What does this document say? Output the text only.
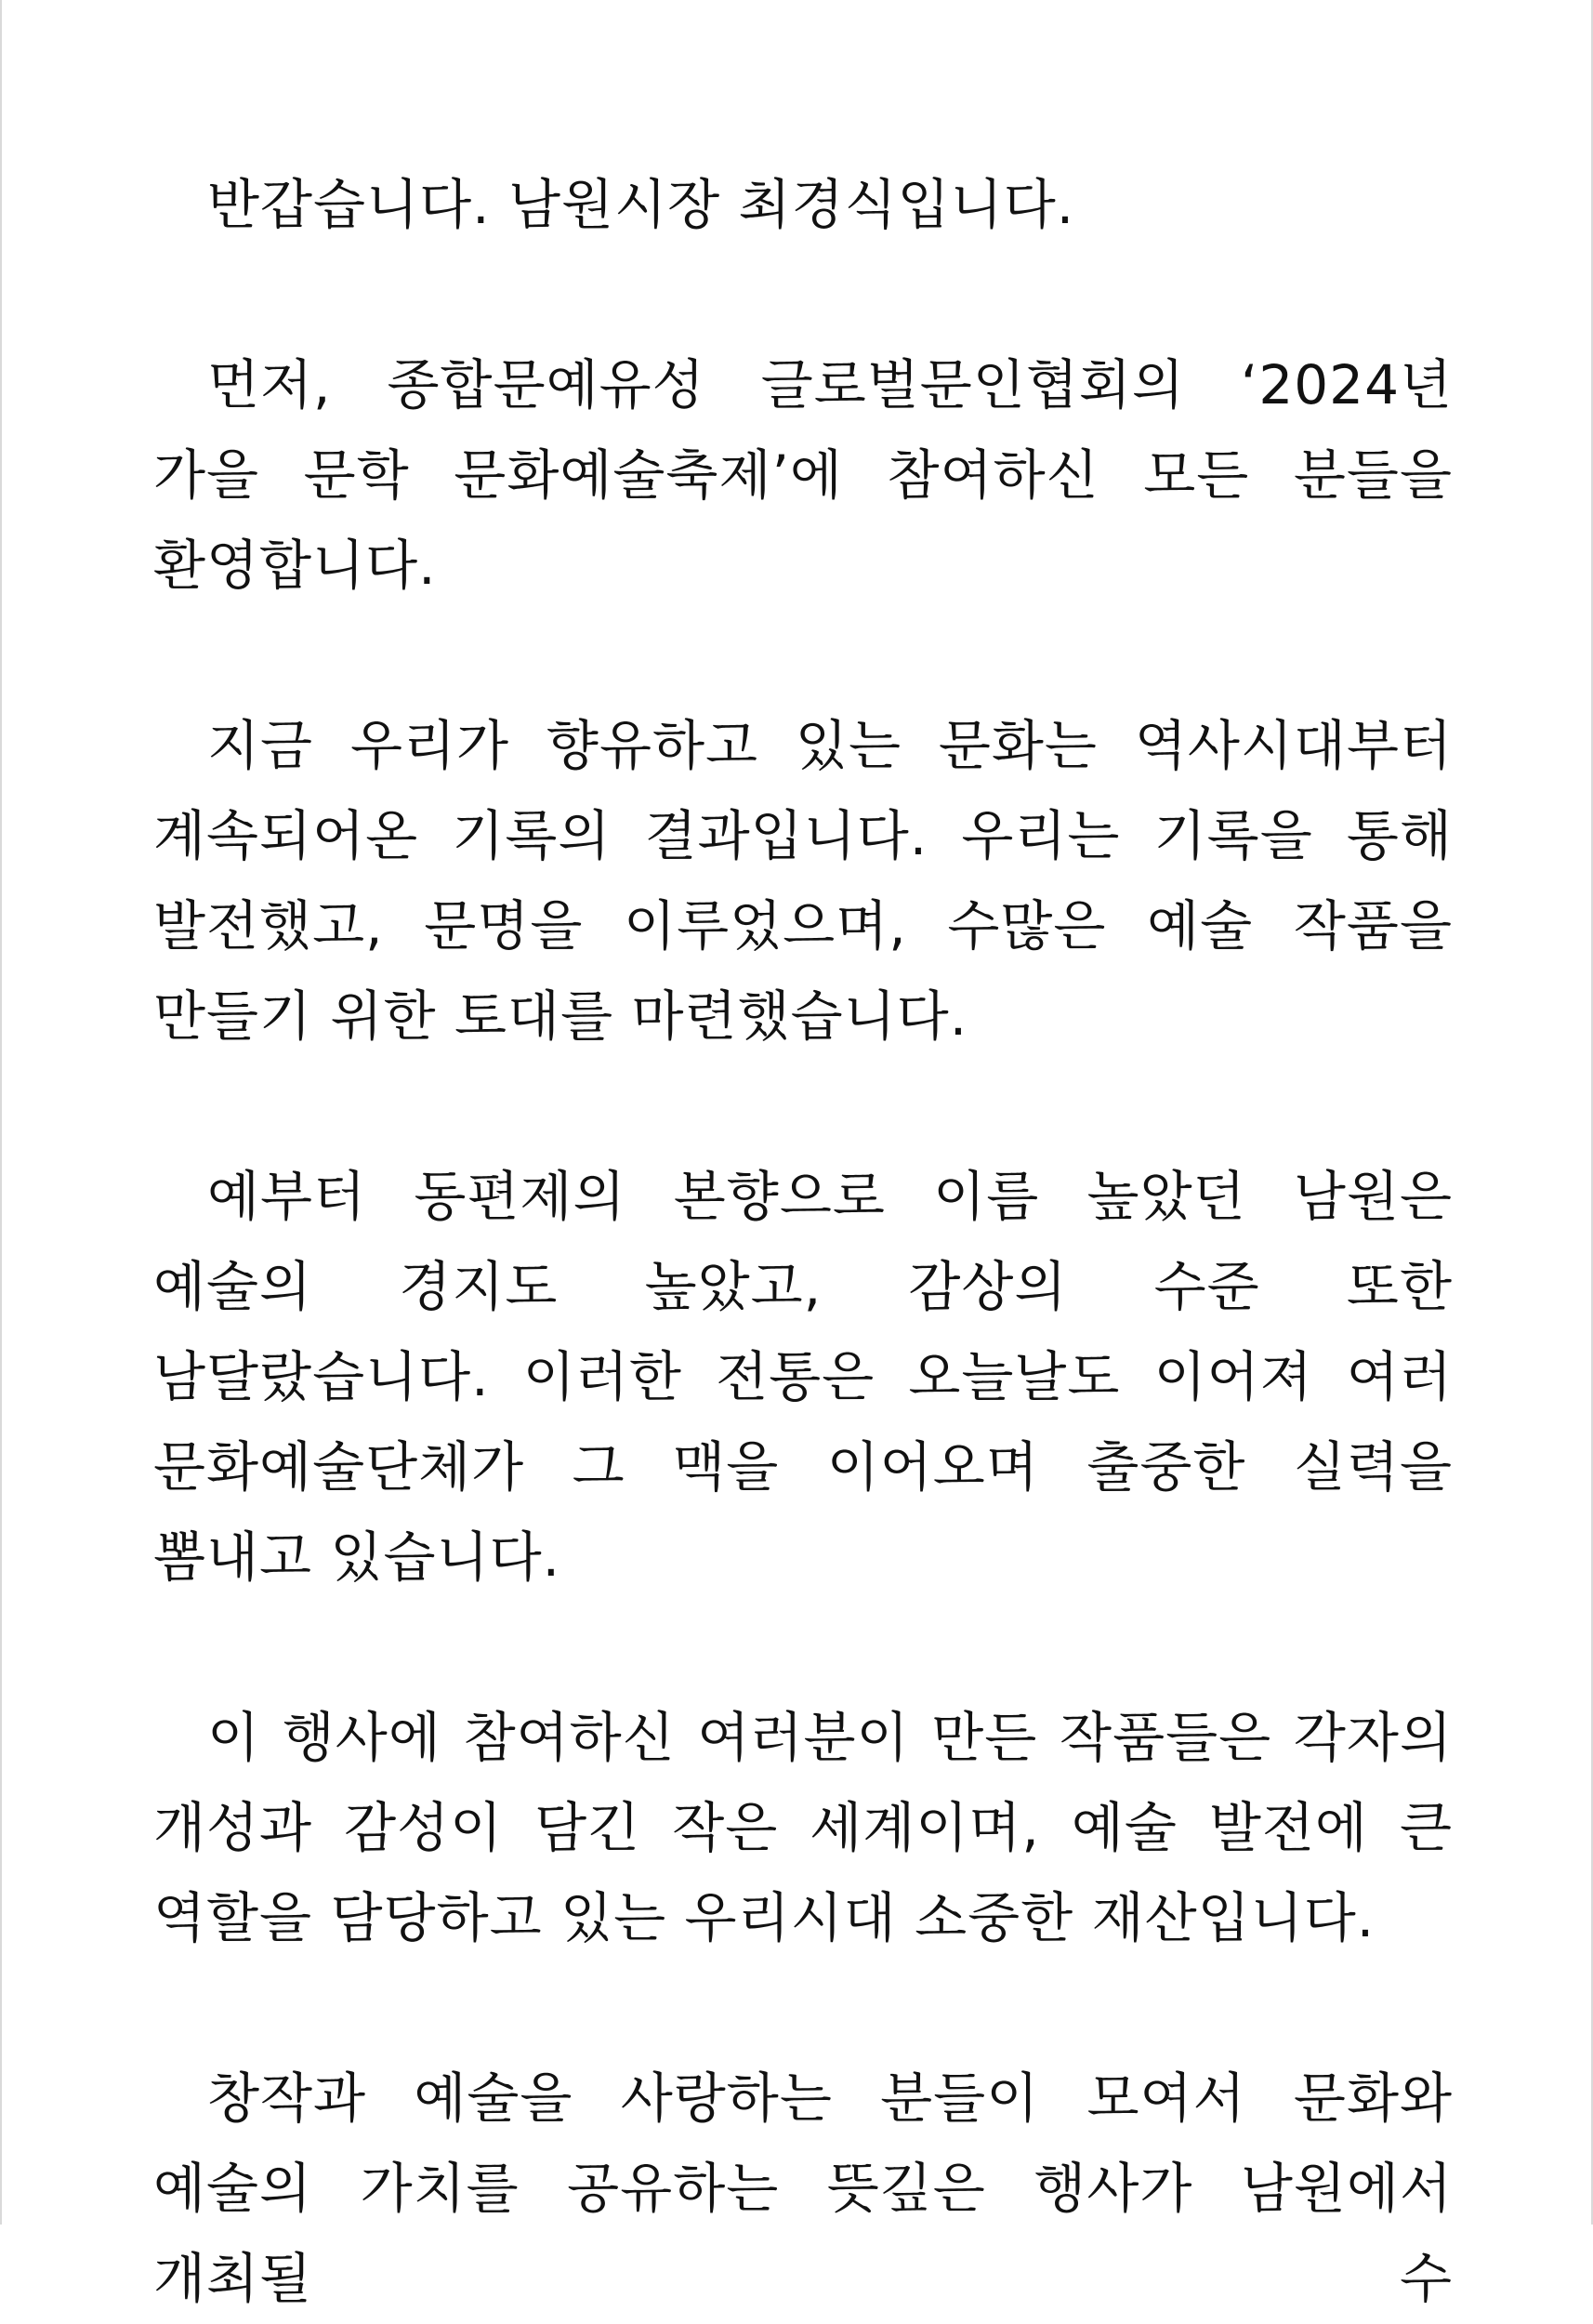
반갑습니다. 남원시장 최경식입니다.

먼저, 종합문예유성 글로벌문인협회의 ‘2024년 가을 문학 문화예술축제’에 참여하신 모든 분들을 환영합니다.

지금 우리가 향유하고 있는 문화는 역사시대부터 계속되어온 기록의 결과입니다. 우리는 기록을 통해 발전했고, 문명을 이루었으며, 수많은 예술 작품을 만들기 위한 토대를 마련했습니다.

예부터 동편제의 본향으로 이름 높았던 남원은 예술의 경지도 높았고, 감상의 수준 또한 남달랐습니다. 이러한 전통은 오늘날도 이어져 여러 문화예술단체가 그 맥을 이어오며 출중한 실력을 뽐내고 있습니다.

이 행사에 참여하신 여러분이 만든 작품들은 각자의 개성과 감성이 담긴 작은 세계이며, 예술 발전에 큰 역할을 담당하고 있는 우리시대 소중한 재산입니다.

창작과 예술을 사랑하는 분들이 모여서 문화와 예술의 가치를 공유하는 뜻깊은 행사가 남원에서 개최될 수
